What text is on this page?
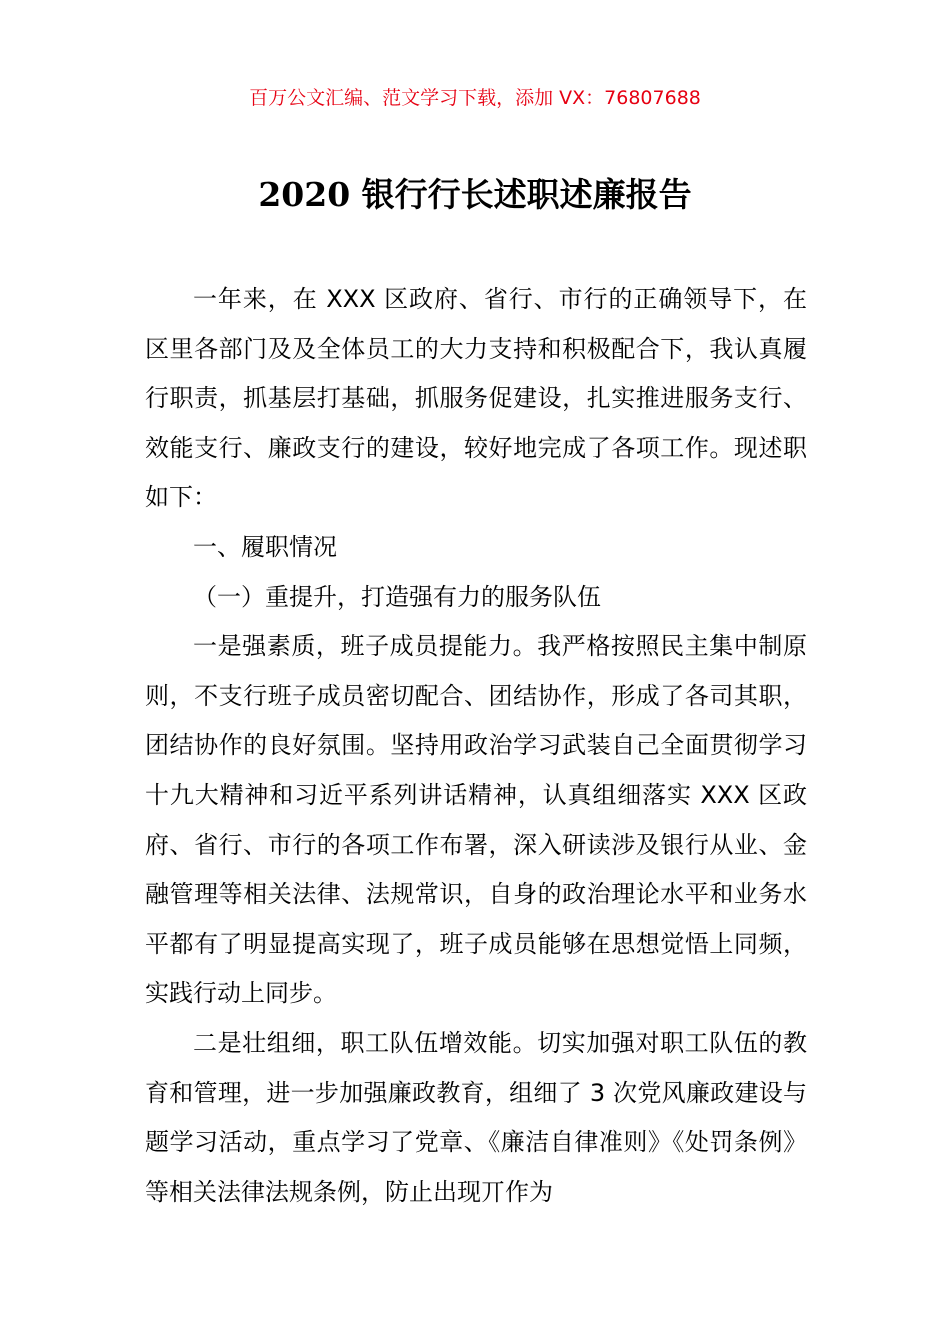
百万公文汇编、范文学习下载，添加 VX：76807688
2020 银行行长述职述廉报告

一年来，在 XXX 区政府、省行、市行的正确领导下，在区里各部门及及全体员工的大力支持和积极配合下，我认真履行职责，抓基层打基础，抓服务促建设，扎实推进服务支行、效能支行、廉政支行的建设，较好地完成了各项工作。现述职如下：

一、履职情况

（一）重提升，打造强有力的服务队伍

一是强素质，班子成员提能力。我严格按照民主集中制原则，不支行班子成员密切配合、团结协作，形成了各司其职，团结协作的良好氛围。坚持用政治学习武装自己全面贯彻学习十九大精神和习近平系列讲话精神，认真组细落实 XXX 区政府、省行、市行的各项工作布署，深入研读涉及银行从业、金融管理等相关法律、法规常识，自身的政治理论水平和业务水平都有了明显提高实现了，班子成员能够在思想觉悟上同频，实践行动上同步。

二是壮组细，职工队伍增效能。切实加强对职工队伍的教育和管理，进一步加强廉政教育，组细了 3 次党风廉政建设与题学习活动，重点学习了党章、《廉洁自律准则》《处罚条例》等相关法律法规条例，防止出现丌作为
